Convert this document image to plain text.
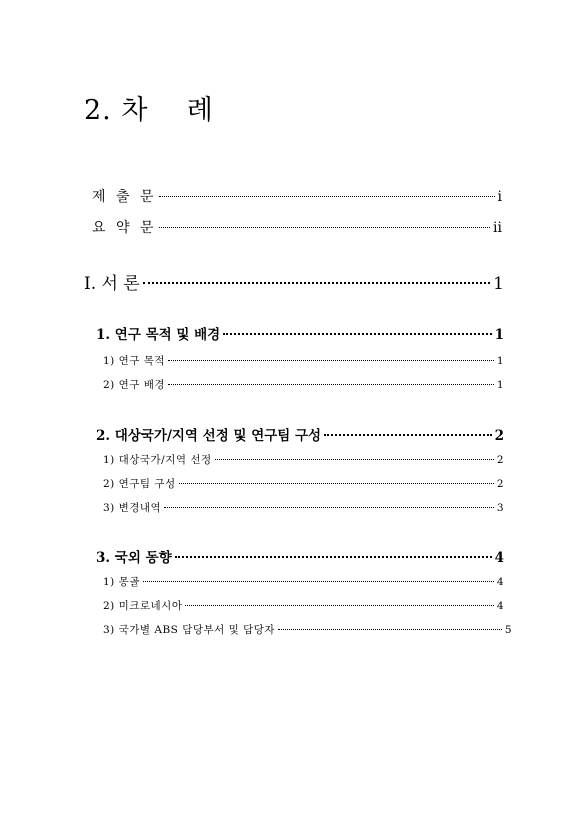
2. 차    례
제 출 문	i
요 약 문	ii
I. 서 론	1
1. 연구 목적 및 배경	1
1) 연구 목적	1
2) 연구 배경	1
2. 대상국가/지역 선정 및 연구팀 구성	2
1) 대상국가/지역 선정	2
2) 연구팀 구성	2
3) 변경내역	3
3. 국외 동향	4
1) 몽골	4
2) 미크로네시아	4
3) 국가별 ABS 담당부서 및 담당자	5
